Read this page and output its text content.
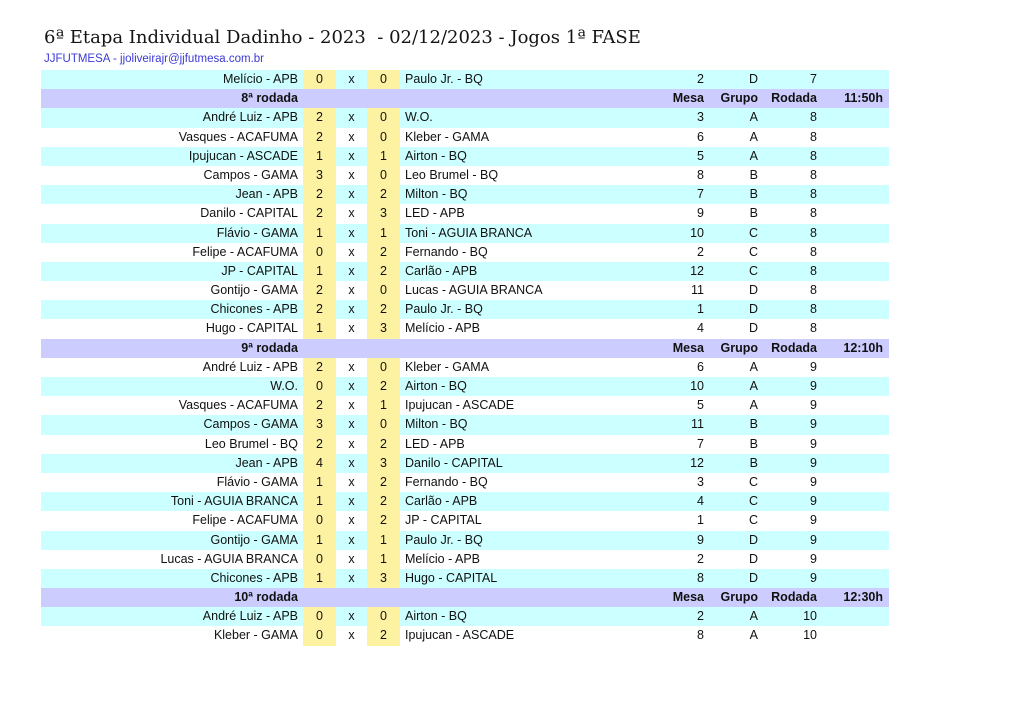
6ª Etapa Individual Dadinho - 2023  - 02/12/2023 - Jogos 1ª FASE
JJFUTMESA - jjoliveirajr@jjfutmesa.com.br
Melício - APB	0	x	0	Paulo Jr. - BQ	2	D	7
8ª rodada	Mesa	Grupo	Rodada	11:50h
André Luiz - APB	2	x	0	W.O.	3	A	8
Vasques - ACAFUMA	2	x	0	Kleber - GAMA	6	A	8
Ipujucan - ASCADE	1	x	1	Airton - BQ	5	A	8
Campos - GAMA	3	x	0	Leo Brumel - BQ	8	B	8
Jean - APB	2	x	2	Milton - BQ	7	B	8
Danilo - CAPITAL	2	x	3	LED - APB	9	B	8
Flávio - GAMA	1	x	1	Toni - AGUIA BRANCA	10	C	8
Felipe - ACAFUMA	0	x	2	Fernando - BQ	2	C	8
JP - CAPITAL	1	x	2	Carlão - APB	12	C	8
Gontijo - GAMA	2	x	0	Lucas - AGUIA BRANCA	11	D	8
Chicones - APB	2	x	2	Paulo Jr. - BQ	1	D	8
Hugo - CAPITAL	1	x	3	Melício - APB	4	D	8
9ª rodada	Mesa	Grupo	Rodada	12:10h
André Luiz - APB	2	x	0	Kleber - GAMA	6	A	9
W.O.	0	x	2	Airton - BQ	10	A	9
Vasques - ACAFUMA	2	x	1	Ipujucan - ASCADE	5	A	9
Campos - GAMA	3	x	0	Milton - BQ	11	B	9
Leo Brumel - BQ	2	x	2	LED - APB	7	B	9
Jean - APB	4	x	3	Danilo - CAPITAL	12	B	9
Flávio - GAMA	1	x	2	Fernando - BQ	3	C	9
Toni - AGUIA BRANCA	1	x	2	Carlão - APB	4	C	9
Felipe - ACAFUMA	0	x	2	JP - CAPITAL	1	C	9
Gontijo - GAMA	1	x	1	Paulo Jr. - BQ	9	D	9
Lucas - AGUIA BRANCA	0	x	1	Melício - APB	2	D	9
Chicones - APB	1	x	3	Hugo - CAPITAL	8	D	9
10ª rodada	Mesa	Grupo	Rodada	12:30h
André Luiz - APB	0	x	0	Airton - BQ	2	A	10
Kleber - GAMA	0	x	2	Ipujucan - ASCADE	8	A	10
